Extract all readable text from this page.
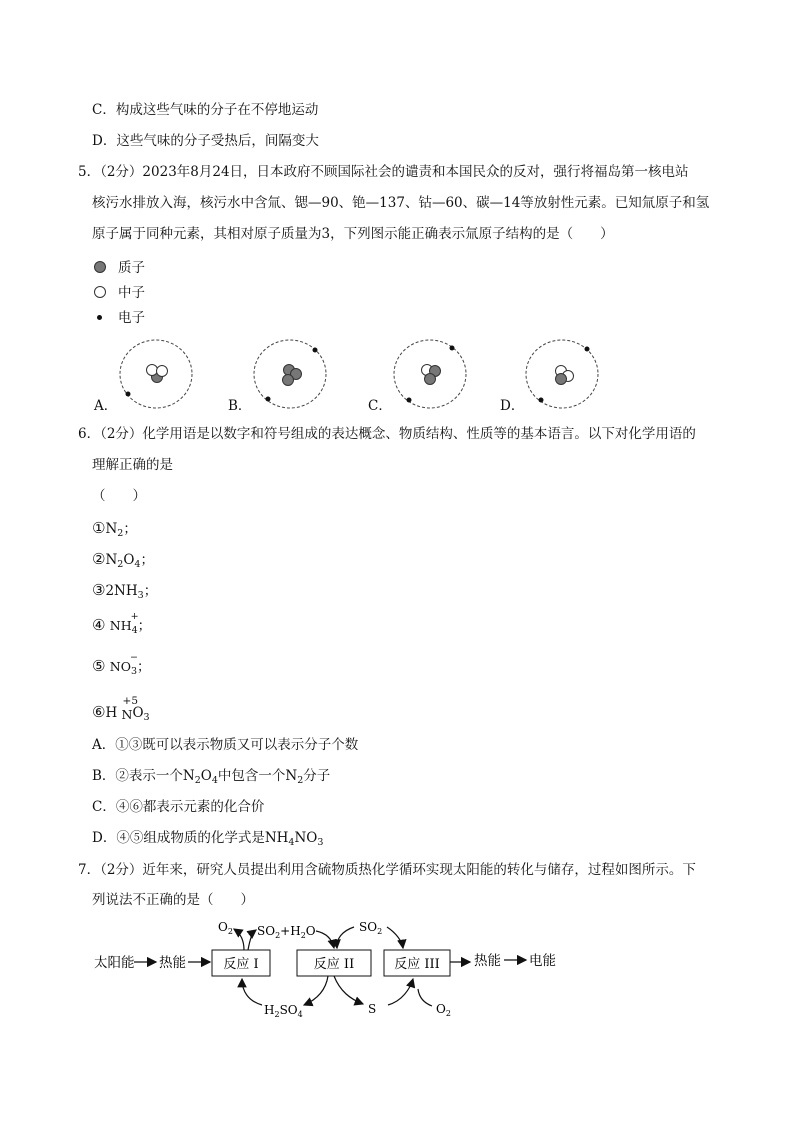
C．构成这些气味的分子在不停地运动
D．这些气味的分子受热后，间隔变大
5．（2分）2023年8月24日，日本政府不顾国际社会的谴责和本国民众的反对，强行将福岛第一核电站
核污水排放入海，核污水中含氚、锶—90、铯—137、钴—60、碳—14等放射性元素。已知氚原子和氢
原子属于同种元素，其相对原子质量为3，下列图示能正确表示氚原子结构的是（　　）
质子
中子
电子
A．	B．	C．	D．
6．（2分）化学用语是以数字和符号组成的表达概念、物质结构、性质等的基本语言。以下对化学用语的
理解正确的是
（　　）
$①N_2$；
$②N_2O_4$；
$③2NH_3$；
④ $NH_4$
+
；
⑤ $NO_3$
−
；
⑥H
+5
$NO_3$
A．①③既可以表示物质又可以表示分子个数
B．②表示一个$N_2O_4$中包含一个$N_2$分子
C．④⑥都表示元素的化合价
D．④⑤组成物质的化学式是$NH_4NO_3$
7．（2分）近年来，研究人员提出利用含硫物质热化学循环实现太阳能的转化与储存，过程如图所示。下
列说法不正确的是（　　）
太阳能 热能	反应 I	反应 II	反应 III	热能 电能
$O_2$ $SO_2+H_2O$	$SO_2$
$H_2SO_4$	S	$O_2$
